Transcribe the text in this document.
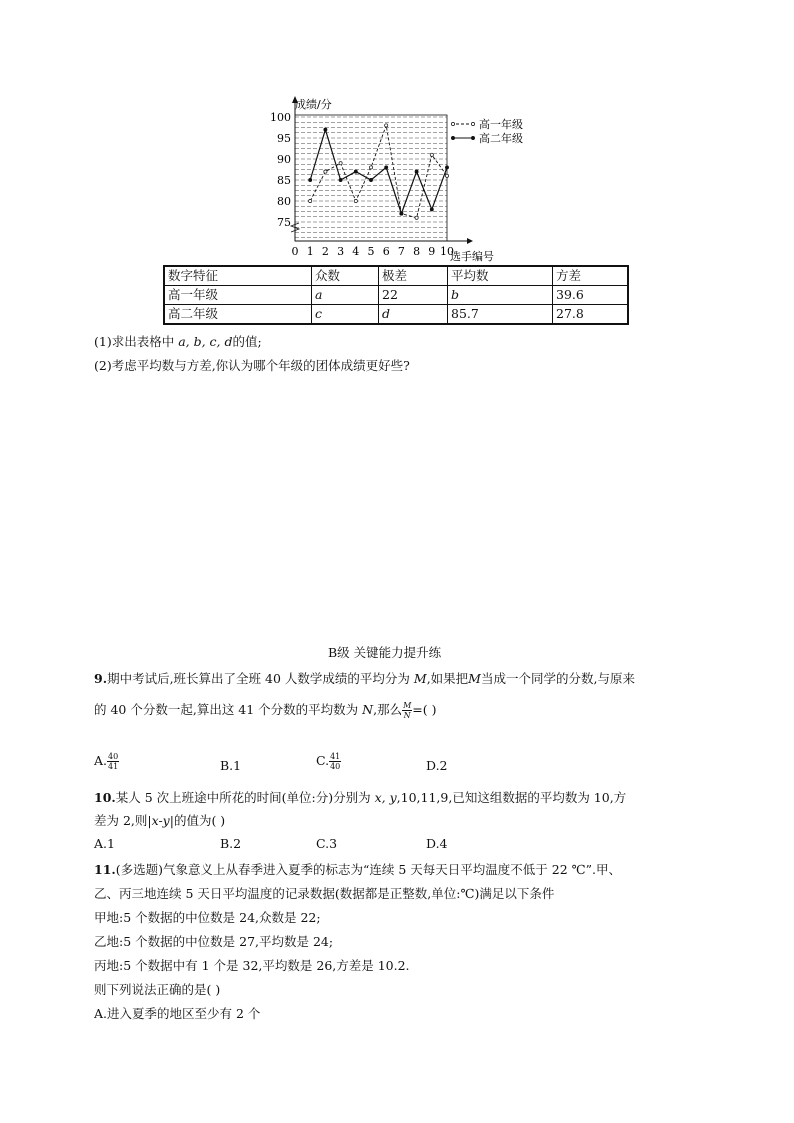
成绩/分
选手编号
75
80
85
90
95
100
0 1 2 3 4 5 6 7 8 9 10
高一年级
高二年级
数字特征	众数	极差	平均数	方差
高一年级	a	22	b	39.6
高二年级	c	d	85.7	27.8
(1)求出表格中 a, b, c, d的值;
(2)考虑平均数与方差,你认为哪个年级的团体成绩更好些?
B级 关键能力提升练
9.期中考试后,班长算出了全班 40 人数学成绩的平均分为 M,如果把M当成一个同学的分数,与原来
的 40 个分数一起,算出这 41 个分数的平均数为 N,那么 $\frac{M}{N}$ =( )
A. $\frac{40}{41}$	B.1	C. $\frac{41}{40}$	D.2
10.某人 5 次上班途中所花的时间(单位:分)分别为 x, y,10,11,9,已知这组数据的平均数为 10,方
差为 2,则|x-y|的值为( )
A.1	B.2	C.3	D.4
11.(多选题)气象意义上从春季进入夏季的标志为“连续 5 天每天日平均温度不低于 22 ℃”.甲、
乙、丙三地连续 5 天日平均温度的记录数据(数据都是正整数,单位:℃)满足以下条件
甲地:5 个数据的中位数是 24,众数是 22;
乙地:5 个数据的中位数是 27,平均数是 24;
丙地:5 个数据中有 1 个是 32,平均数是 26,方差是 10.2.
则下列说法正确的是( )
A.进入夏季的地区至少有 2 个
